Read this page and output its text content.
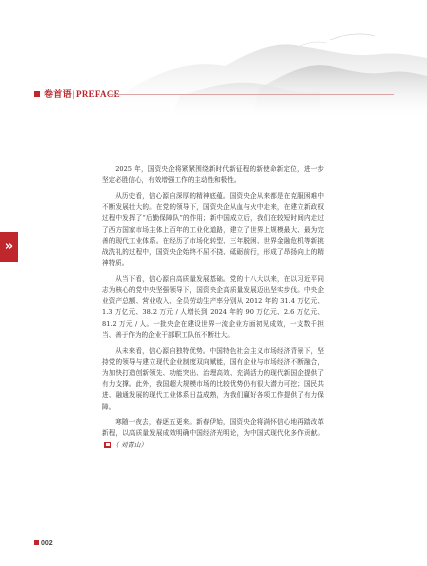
卷首语|PREFACE
»

2025 年，国资央企将紧紧围绕新时代新征程的新使命新定位，进一步坚定必胜信心，有效增强工作的主动性和极性。

从历史看，信心源自深厚的精神底蕴。国资央企从来都是在克服困难中不断发展壮大的。在党的领导下，国资央企从血与火中走来，在建立新政权过程中发挥了“后勤保障队”的作用；新中国成立后，我们在较短时间内走过了西方国家市场主体上百年的工业化道路，建立了世界上规模最大、最为完善的现代工业体系。在经历了市场化转型、三年脱困、世界金融危机等新挑战洗礼的过程中，国资央企始终不屈不挠、砥砺前行，形成了昂扬向上的精神特质。

从当下看，信心源自高质量发展基础。党的十八大以来，在以习近平同志为核心的党中央坚强领导下，国资央企高质量发展迈出坚实步伐。中央企业资产总额、营业收入、全员劳动生产率分别从 2012 年的 31.4 万亿元、1.3 万亿元、38.2 万元 / 人增长到 2024 年的 90 万亿元、2.6 万亿元、81.2 万元 / 人。一批央企在建设世界一流企业方面初见成效，一支数千担当、善于作为的企业干部职工队伍不断壮大。

从未来看，信心源自独特优势。中国特色社会主义市场经济背景下，坚持党的领导与建立现代企业制度双向赋能，国有企业与市场经济不断融合，为加快打造创新领先、功能突出、治理高效、充满活力的现代新国企提供了有力支撑。此外，我国超大规模市场的比较优势仍有很大潜力可挖；国民共进、融通发展的现代工业体系日益成熟，为我们赢好各项工作提供了有力保障。

寒随一夜去，春逐五更来。新春伊始，国资央企将满怀信心地再踏改革新程，以高质量发展成效明确中国经济光明论，为中国式现代化多作贡献。（ 刘青山）

002
